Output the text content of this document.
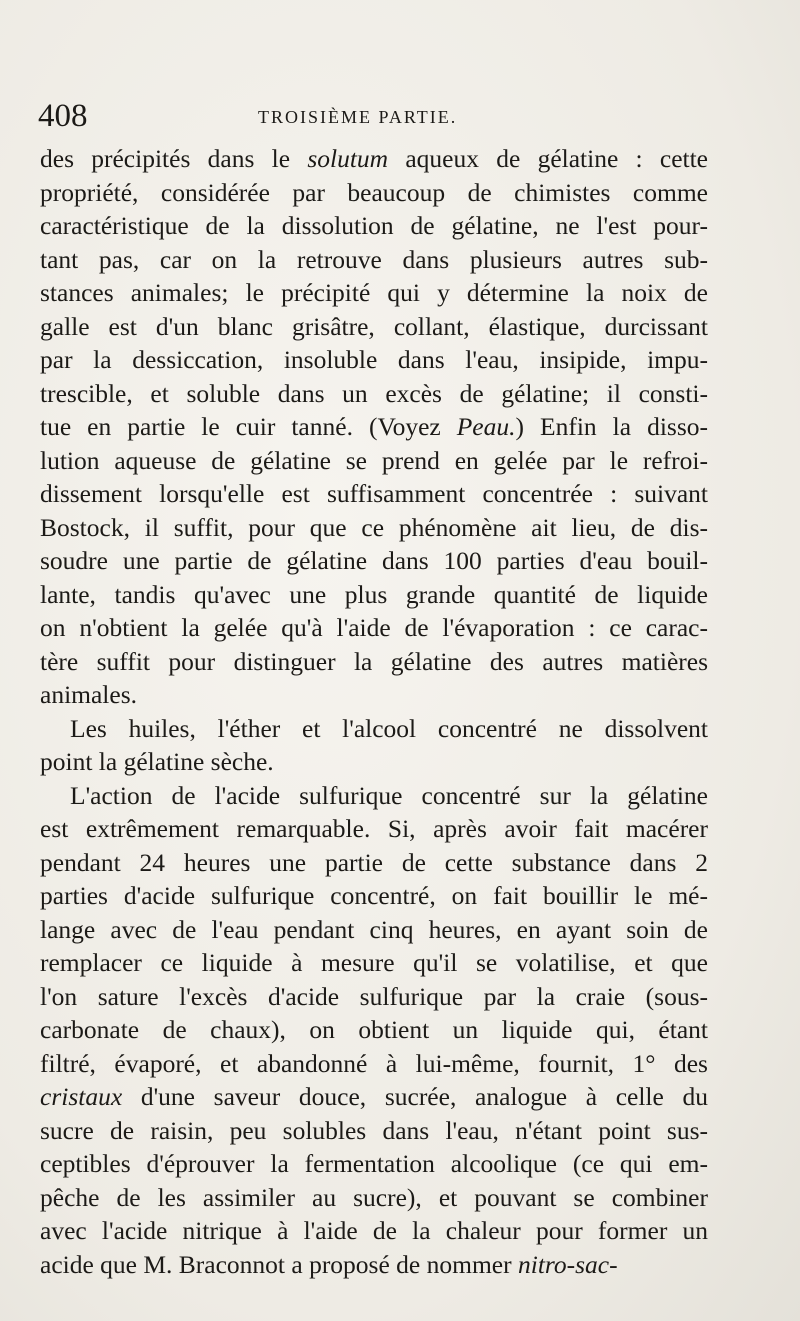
408	TROISIÈME PARTIE.
des précipités dans le solutum aqueux de gélatine : cette
propriété, considérée par beaucoup de chimistes comme
caractéristique de la dissolution de gélatine, ne l'est pour-
tant pas, car on la retrouve dans plusieurs autres sub-
stances animales; le précipité qui y détermine la noix de
galle est d'un blanc grisâtre, collant, élastique, durcissant
par la dessiccation, insoluble dans l'eau, insipide, impu-
trescible, et soluble dans un excès de gélatine; il consti-
tue en partie le cuir tanné. (Voyez Peau.) Enfin la disso-
lution aqueuse de gélatine se prend en gelée par le refroi-
dissement lorsqu'elle est suffisamment concentrée : suivant
Bostock, il suffit, pour que ce phénomène ait lieu, de dis-
soudre une partie de gélatine dans 100 parties d'eau bouil-
lante, tandis qu'avec une plus grande quantité de liquide
on n'obtient la gelée qu'à l'aide de l'évaporation : ce carac-
tère suffit pour distinguer la gélatine des autres matières
animales.
Les huiles, l'éther et l'alcool concentré ne dissolvent
point la gélatine sèche.
L'action de l'acide sulfurique concentré sur la gélatine
est extrêmement remarquable. Si, après avoir fait macérer
pendant 24 heures une partie de cette substance dans 2
parties d'acide sulfurique concentré, on fait bouillir le mé-
lange avec de l'eau pendant cinq heures, en ayant soin de
remplacer ce liquide à mesure qu'il se volatilise, et que
l'on sature l'excès d'acide sulfurique par la craie (sous-
carbonate de chaux), on obtient un liquide qui, étant
filtré, évaporé, et abandonné à lui-même, fournit, 1° des
cristaux d'une saveur douce, sucrée, analogue à celle du
sucre de raisin, peu solubles dans l'eau, n'étant point sus-
ceptibles d'éprouver la fermentation alcoolique (ce qui em-
pêche de les assimiler au sucre), et pouvant se combiner
avec l'acide nitrique à l'aide de la chaleur pour former un
acide que M. Braconnot a proposé de nommer nitro-sac-
